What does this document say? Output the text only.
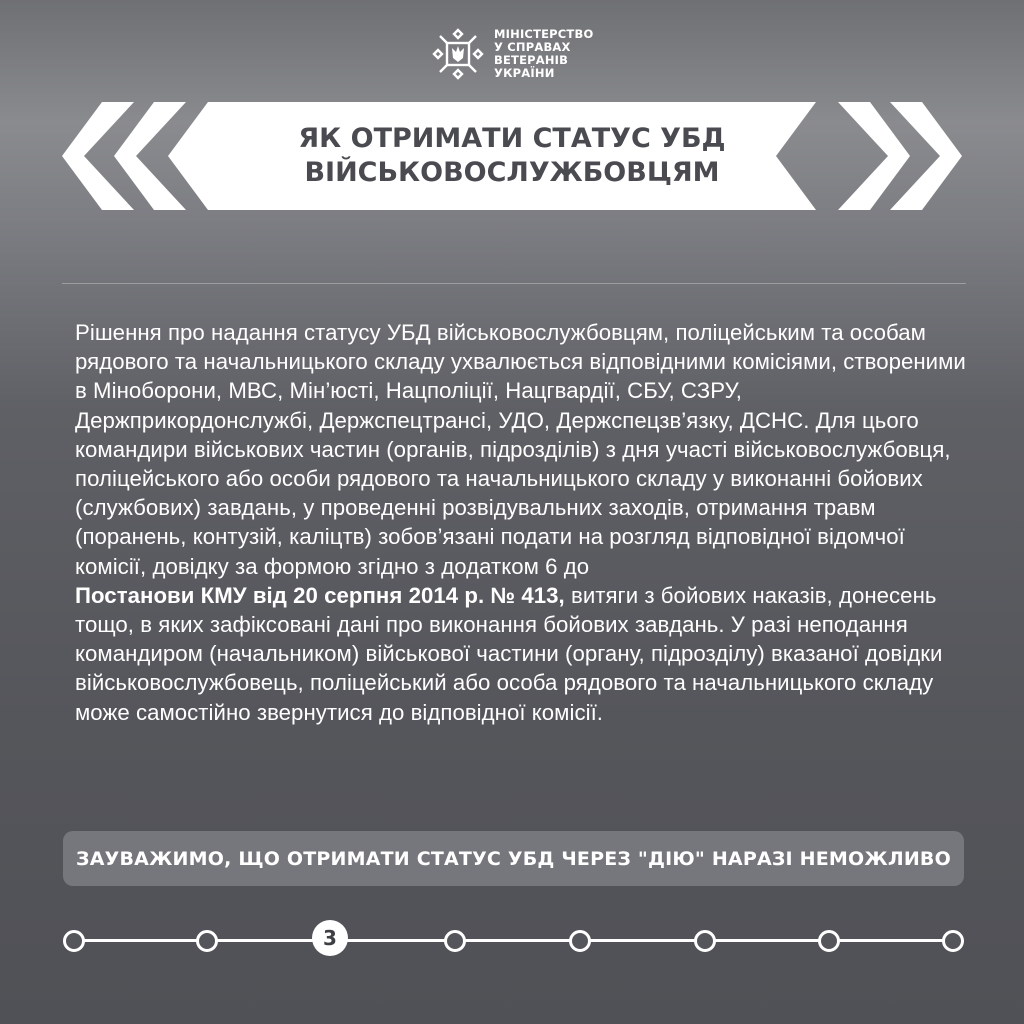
МІНІСТЕРСТВО
У СПРАВАХ
ВЕТЕРАНІВ
УКРАЇНИ
ЯК ОТРИМАТИ СТАТУС УБД
ВІЙСЬКОВОСЛУЖБОВЦЯМ
Рішення про надання статусу УБД військовослужбовцям, поліцейським та особам рядового та начальницького складу ухвалюється відповідними комісіями, створеними в Міноборони, МВС, Мін’юсті, Нацполіції, Нацгвардії, СБУ, СЗРУ, Держприкордонслужбі, Держспецтрансі, УДО, Держспецзв’язку, ДСНС. Для цього командири військових частин (органів, підрозділів) з дня участі військовослужбовця, поліцейського або особи рядового та начальницького складу у виконанні бойових (службових) завдань, у проведенні розвідувальних заходів, отримання травм (поранень, контузій, каліцтв) зобов’язані подати на розгляд відповідної відомчої комісії, довідку за формою згідно з додатком 6 до
Постанови КМУ від 20 серпня 2014 р. № 413, витяги з бойових наказів, донесень тощо, в яких зафіксовані дані про виконання бойових завдань. У разі неподання командиром (начальником) військової частини (органу, підрозділу) вказаної довідки військовослужбовець, поліцейський або особа рядового та начальницького складу може самостійно звернутися до відповідної комісії.
ЗАУВАЖИМО, ЩО ОТРИМАТИ СТАТУС УБД ЧЕРЕЗ "ДІЮ" НАРАЗІ НЕМОЖЛИВО
3
